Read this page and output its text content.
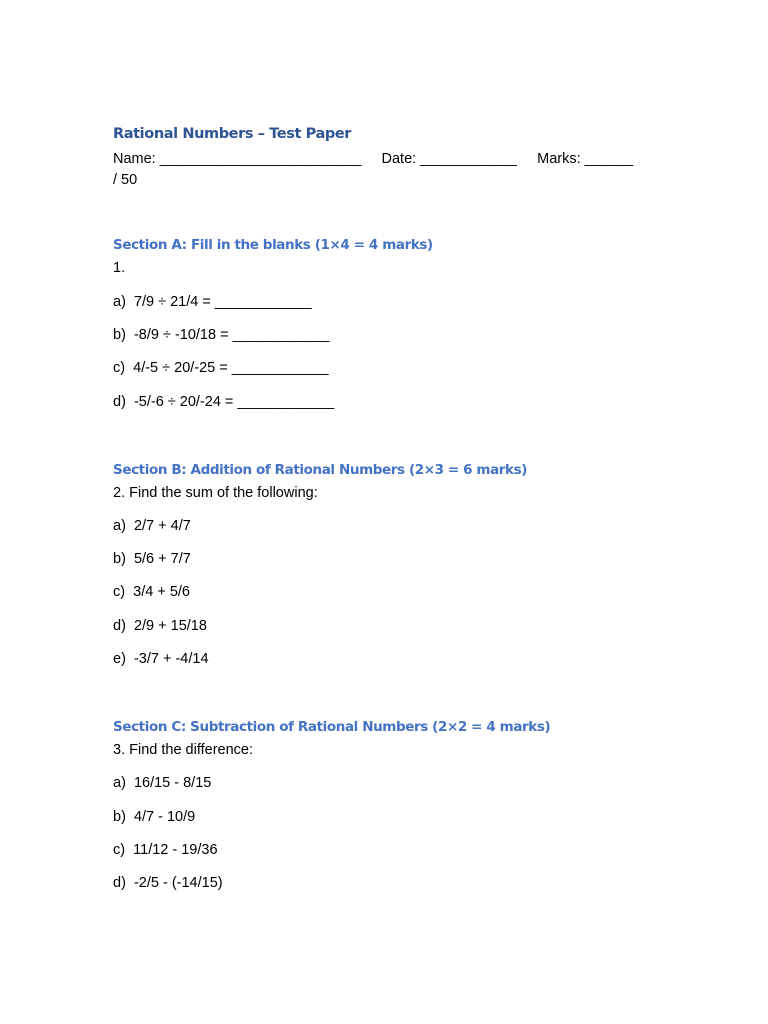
Rational Numbers – Test Paper
Name: _________________________ Date: ____________ Marks: ______
/ 50
Section A: Fill in the blanks (1×4 = 4 marks)
1.
a)  7/9 ÷ 21/4 = ____________
b)  -8/9 ÷ -10/18 = ____________
c)  4/-5 ÷ 20/-25 = ____________
d)  -5/-6 ÷ 20/-24 = ____________
Section B: Addition of Rational Numbers (2×3 = 6 marks)
2. Find the sum of the following:
a)  2/7 + 4/7
b)  5/6 + 7/7
c)  3/4 + 5/6
d)  2/9 + 15/18
e)  -3/7 + -4/14
Section C: Subtraction of Rational Numbers (2×2 = 4 marks)
3. Find the difference:
a)  16/15 - 8/15
b)  4/7 - 10/9
c)  11/12 - 19/36
d)  -2/5 - (-14/15)
